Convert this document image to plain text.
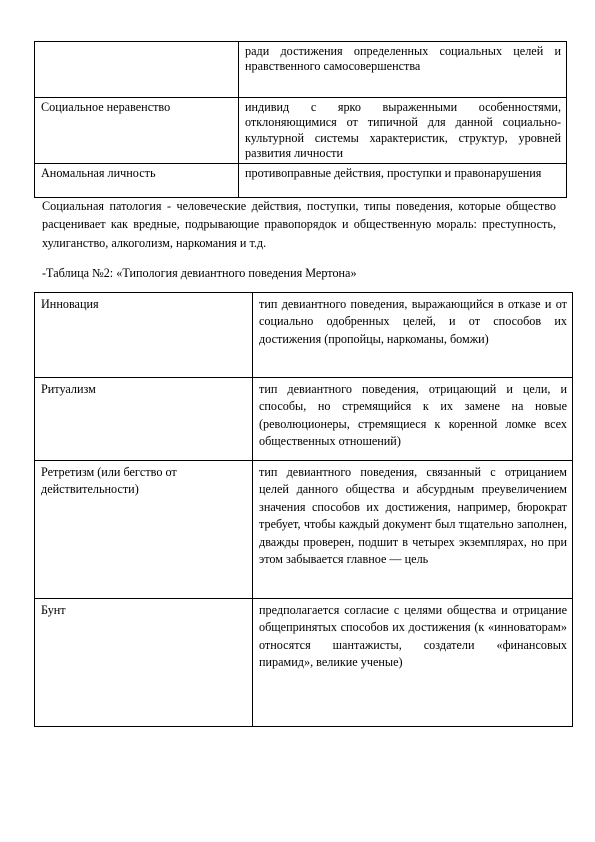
	ради достижения определенных социальных целей и нравственного самосовершенства
Социальное неравенство	индивид с ярко выраженными особенностями, отклоняющимися от типичной для данной социально-культурной системы характеристик, структур, уровней развития личности
Аномальная личность	противоправные действия, проступки и правонарушения
Социальная патология - человеческие действия, поступки, типы поведения, которые общество расценивает как вредные, подрывающие правопорядок и общественную мораль: преступность, хулиганство, алкоголизм, наркомания и т.д.
-Таблица №2: «Типология девиантного поведения Мертона»
Инновация	тип девиантного поведения, выражающийся в отказе и от социально одобренных целей, и от способов их достижения (пропойцы, наркоманы, бомжи)
Ритуализм	тип девиантного поведения, отрицающий и цели, и способы, но стремящийся к их замене на новые (революционеры, стремящиеся к коренной ломке всех общественных отношений)
Ретретизм (или бегство от действительности)	тип девиантного поведения, связанный с отрицанием целей данного общества и абсурдным преувеличением значения способов их достижения, например, бюрократ требует, чтобы каждый документ был тщательно заполнен, дважды проверен, подшит в четырех экземплярах, но при этом забывается главное — цель
Бунт	предполагается согласие с целями общества и отрицание общепринятых способов их достижения (к «инноваторам» относятся шантажисты, создатели «финансовых пирамид», великие ученые)
